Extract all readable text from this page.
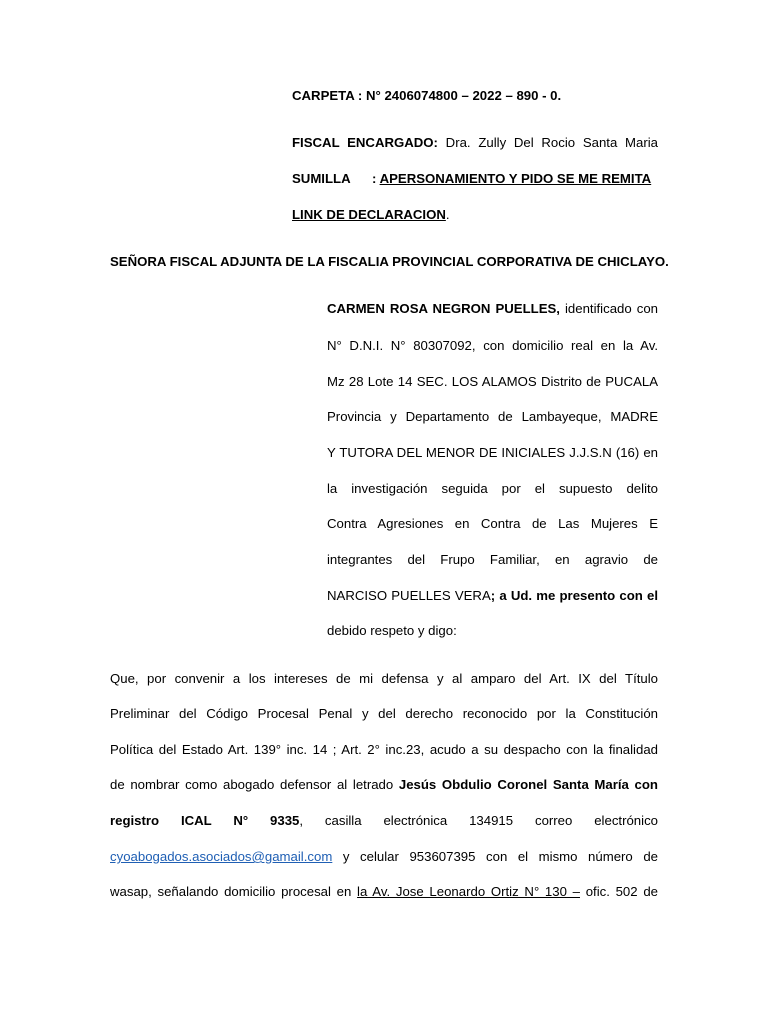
CARPETA : N° 2406074800 – 2022 – 890 - 0.
FISCAL ENCARGADO: Dra. Zully Del Rocio Santa Maria
SUMILLA : APERSONAMIENTO Y PIDO SE ME REMITA
LINK DE DECLARACION.
SEÑORA FISCAL ADJUNTA DE LA FISCALIA PROVINCIAL CORPORATIVA DE CHICLAYO.
CARMEN ROSA NEGRON PUELLES, identificado con
N° D.N.I. N° 80307092, con domicilio real en la Av.
Mz 28 Lote 14 SEC. LOS ALAMOS Distrito de PUCALA
Provincia y Departamento de Lambayeque, MADRE
Y TUTORA DEL MENOR DE INICIALES J.J.S.N (16) en
la investigación seguida por el supuesto delito
Contra Agresiones en Contra de Las Mujeres E
integrantes del Frupo Familiar, en agravio de
NARCISO PUELLES VERA; a Ud. me presento con el
debido respeto y digo:
Que, por convenir a los intereses de mi defensa y al amparo del Art. IX del Título
Preliminar del Código Procesal Penal y del derecho reconocido por la Constitución
Política del Estado Art. 139° inc. 14 ; Art. 2° inc.23, acudo a su despacho con la finalidad
de nombrar como abogado defensor al letrado Jesús Obdulio Coronel Santa María con
registro ICAL N° 9335, casilla electrónica 134915 correo electrónico
cyoabogados.asociados@gamail.com y celular 953607395 con el mismo número de
wasap, señalando domicilio procesal en la Av. Jose Leonardo Ortiz N° 130 – ofic. 502 de
